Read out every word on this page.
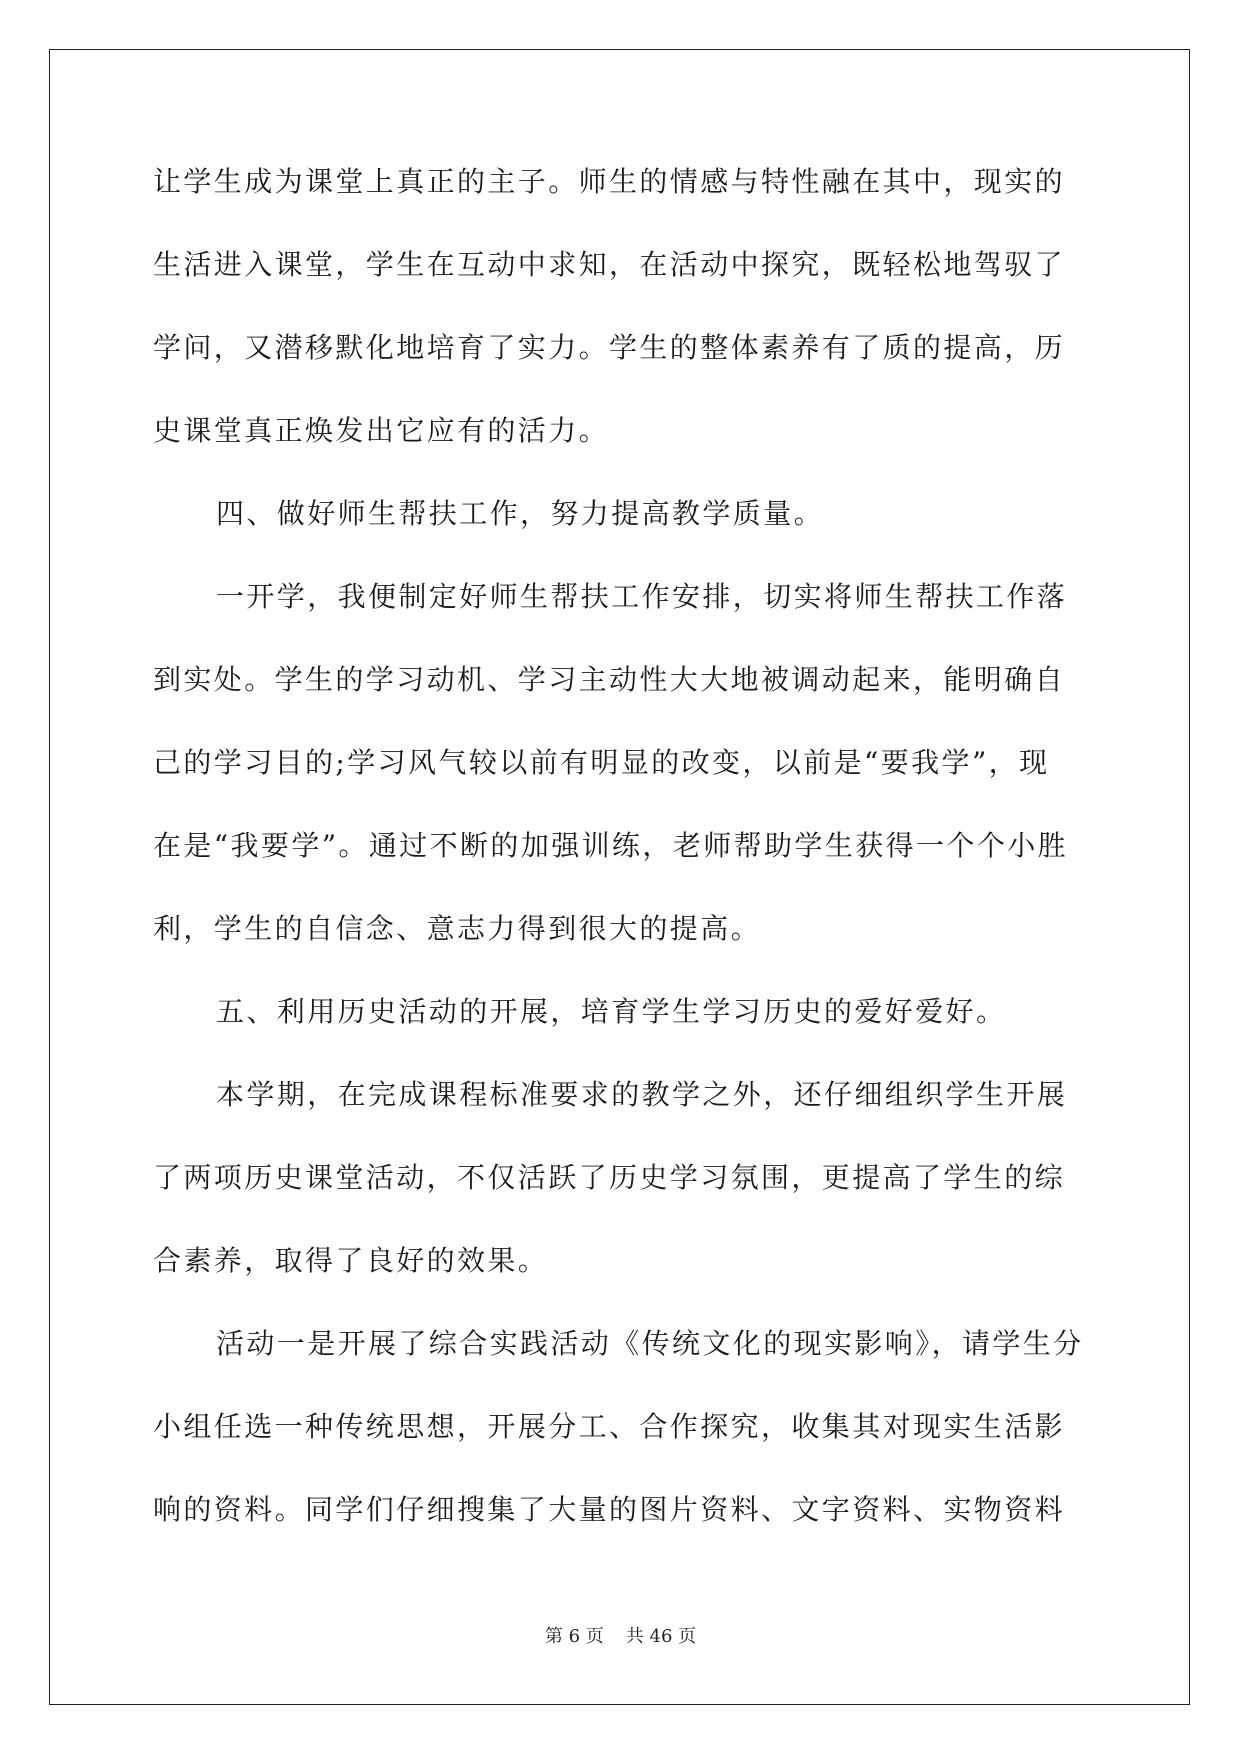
让学生成为课堂上真正的主子。师生的情感与特性融在其中，现实的
生活进入课堂，学生在互动中求知，在活动中探究，既轻松地驾驭了
学问，又潜移默化地培育了实力。学生的整体素养有了质的提高，历
史课堂真正焕发出它应有的活力。
四、做好师生帮扶工作，努力提高教学质量。
一开学，我便制定好师生帮扶工作安排，切实将师生帮扶工作落
到实处。学生的学习动机、学习主动性大大地被调动起来，能明确自
己的学习目的;学习风气较以前有明显的改变，以前是“要我学”，现
在是“我要学”。通过不断的加强训练，老师帮助学生获得一个个小胜
利，学生的自信念、意志力得到很大的提高。
五、利用历史活动的开展，培育学生学习历史的爱好爱好。
本学期，在完成课程标准要求的教学之外，还仔细组织学生开展
了两项历史课堂活动，不仅活跃了历史学习氛围，更提高了学生的综
合素养，取得了良好的效果。
活动一是开展了综合实践活动《传统文化的现实影响》，请学生分
小组任选一种传统思想，开展分工、合作探究，收集其对现实生活影
响的资料。同学们仔细搜集了大量的图片资料、文字资料、实物资料
第 6 页 共 46 页
